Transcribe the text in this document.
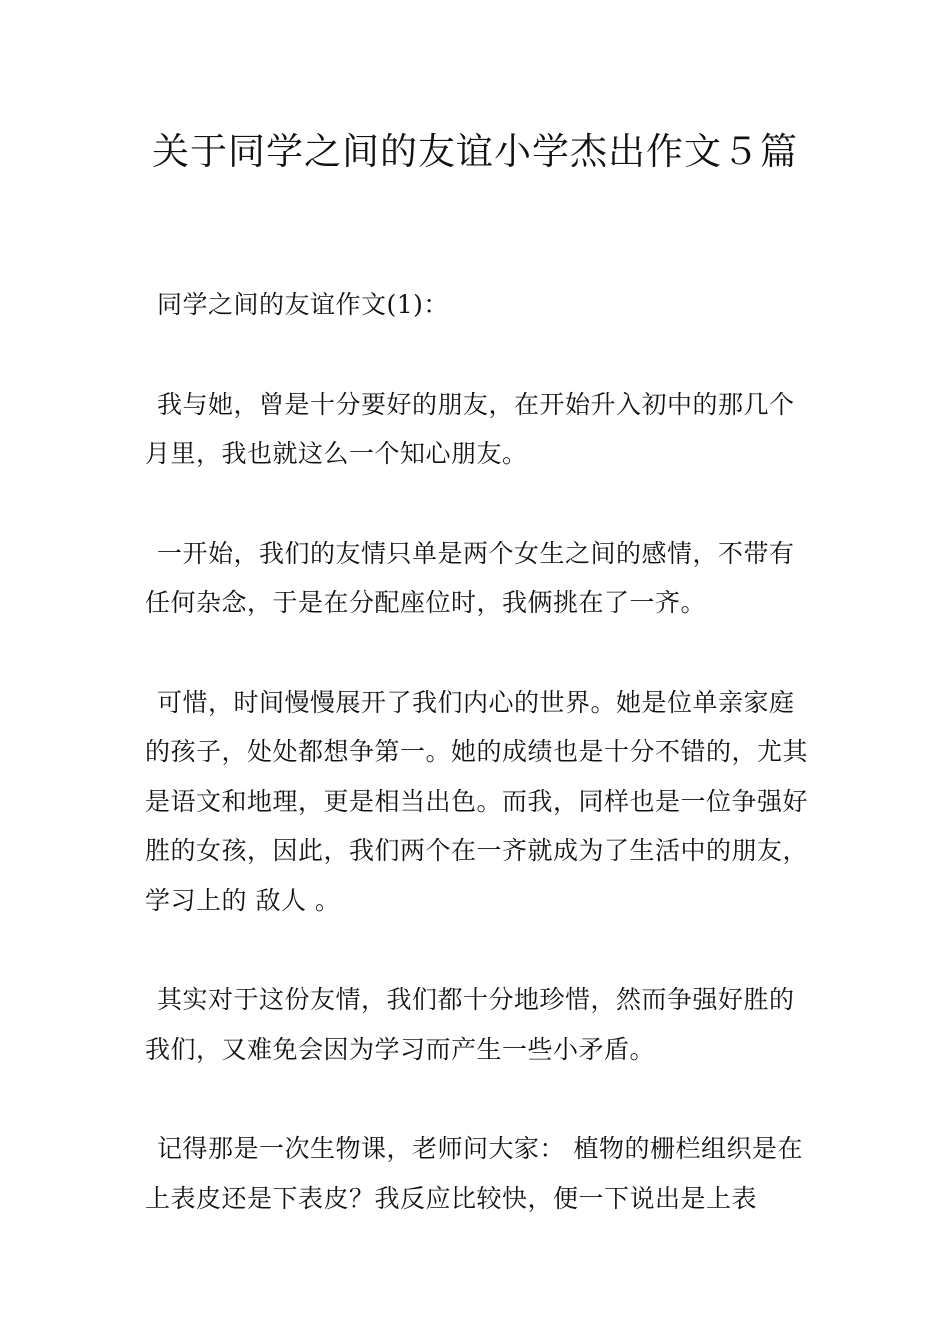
关于同学之间的友谊小学杰出作文５篇

同学之间的友谊作文(1)：

我与她，曾是十分要好的朋友，在开始升入初中的那几个月里，我也就这么一个知心朋友。

一开始，我们的友情只单是两个女生之间的感情，不带有任何杂念，于是在分配座位时，我俩挑在了一齐。

可惜，时间慢慢展开了我们内心的世界。她是位单亲家庭的孩子，处处都想争第一。她的成绩也是十分不错的，尤其是语文和地理，更是相当出色。而我，同样也是一位争强好胜的女孩，因此，我们两个在一齐就成为了生活中的朋友，学习上的 敌人 。

其实对于这份友情，我们都十分地珍惜，然而争强好胜的我们，又难免会因为学习而产生一些小矛盾。

记得那是一次生物课，老师问大家： 植物的栅栏组织是在上表皮还是下表皮？我反应比较快，便一下说出是上表
